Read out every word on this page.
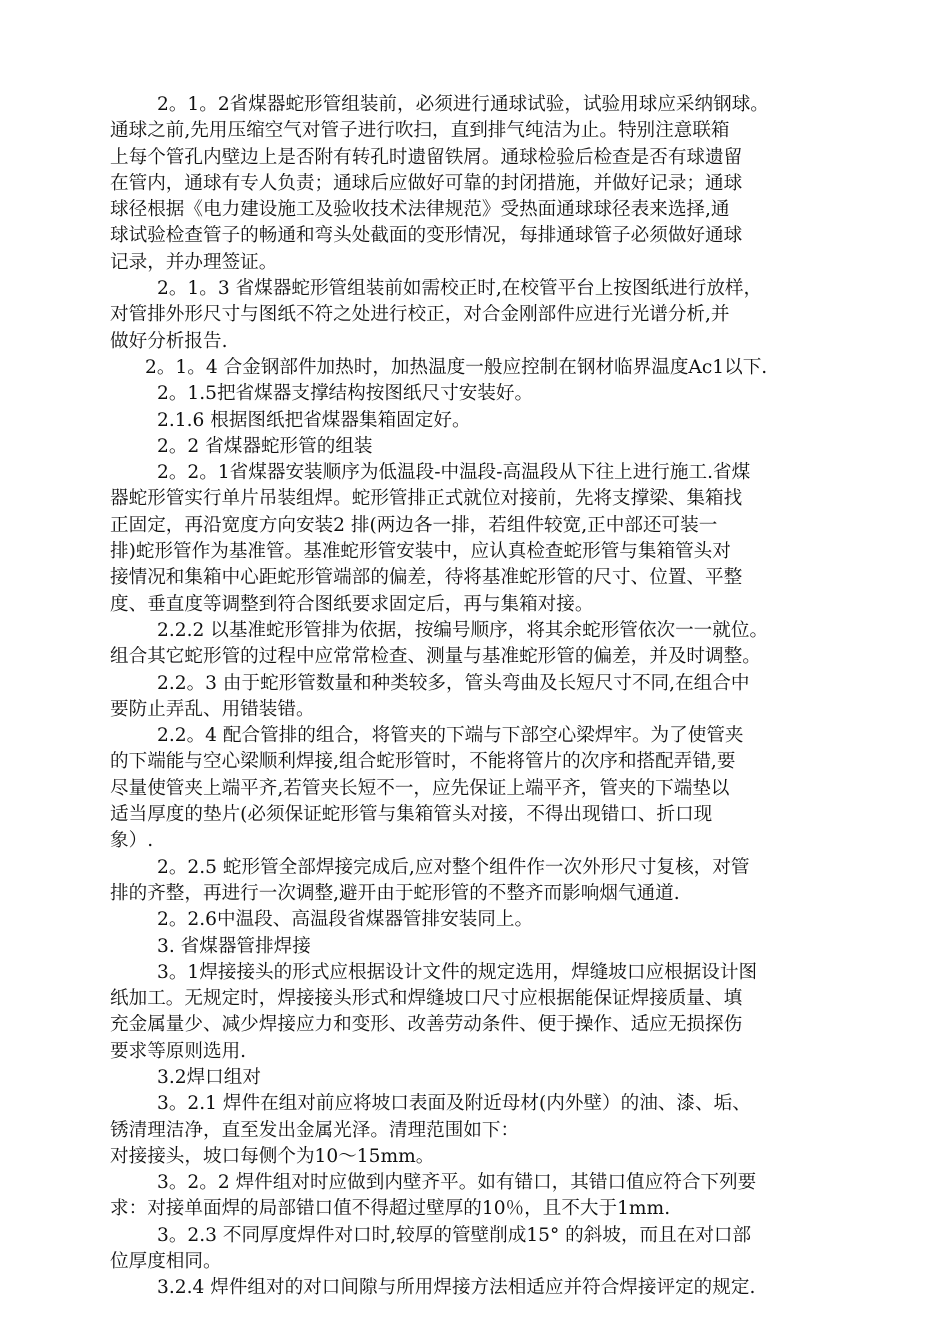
2。1。2省煤器蛇形管组装前，必须进行通球试验，试验用球应采纳钢球。
通球之前,先用压缩空气对管子进行吹扫，直到排气纯洁为止。特别注意联箱
上每个管孔内壁边上是否附有转孔时遗留铁屑。通球检验后检查是否有球遗留
在管内，通球有专人负责；通球后应做好可靠的封闭措施，并做好记录；通球
球径根据《电力建设施工及验收技术法律规范》受热面通球球径表来选择,通
球试验检查管子的畅通和弯头处截面的变形情况，每排通球管子必须做好通球
记录，并办理签证。
2。1。3 省煤器蛇形管组装前如需校正时,在校管平台上按图纸进行放样，
对管排外形尺寸与图纸不符之处进行校正，对合金刚部件应进行光谱分析,并
做好分析报告.
2。1。4 合金钢部件加热时，加热温度一般应控制在钢材临界温度Ac1以下.
2。1.5把省煤器支撑结构按图纸尺寸安装好。
2.1.6 根据图纸把省煤器集箱固定好。
2。2 省煤器蛇形管的组装
2。2。1省煤器安装顺序为低温段-中温段-高温段从下往上进行施工.省煤
器蛇形管实行单片吊装组焊。蛇形管排正式就位对接前，先将支撑梁、集箱找
正固定，再沿宽度方向安装2 排(两边各一排，若组件较宽,正中部还可装一
排)蛇形管作为基准管。基准蛇形管安装中，应认真检查蛇形管与集箱管头对
接情况和集箱中心距蛇形管端部的偏差，待将基准蛇形管的尺寸、位置、平整
度、垂直度等调整到符合图纸要求固定后，再与集箱对接。
2.2.2 以基准蛇形管排为依据，按编号顺序，将其余蛇形管依次一一就位。
组合其它蛇形管的过程中应常常检查、测量与基准蛇形管的偏差，并及时调整。
2.2。3 由于蛇形管数量和种类较多，管头弯曲及长短尺寸不同,在组合中
要防止弄乱、用错装错。
2.2。4 配合管排的组合，将管夹的下端与下部空心梁焊牢。为了使管夹
的下端能与空心梁顺利焊接,组合蛇形管时，不能将管片的次序和搭配弄错,要
尽量使管夹上端平齐,若管夹长短不一，应先保证上端平齐，管夹的下端垫以
适当厚度的垫片(必须保证蛇形管与集箱管头对接，不得出现错口、折口现
象）.
2。2.5 蛇形管全部焊接完成后,应对整个组件作一次外形尺寸复核，对管
排的齐整，再进行一次调整,避开由于蛇形管的不整齐而影响烟气通道.
2。2.6中温段、高温段省煤器管排安装同上。
3. 省煤器管排焊接
3。1焊接接头的形式应根据设计文件的规定选用，焊缝坡口应根据设计图
纸加工。无规定时，焊接接头形式和焊缝坡口尺寸应根据能保证焊接质量、填
充金属量少、减少焊接应力和变形、改善劳动条件、便于操作、适应无损探伤
要求等原则选用.
3.2焊口组对
3。2.1 焊件在组对前应将坡口表面及附近母材(内外壁）的油、漆、垢、
锈清理洁净，直至发出金属光泽。清理范围如下：
对接接头，坡口每侧个为10～15mm。
3。2。2 焊件组对时应做到内壁齐平。如有错口，其错口值应符合下列要
求：对接单面焊的局部错口值不得超过壁厚的10％，且不大于1mm.
3。2.3 不同厚度焊件对口时,较厚的管壁削成15° 的斜坡，而且在对口部
位厚度相同。
3.2.4 焊件组对的对口间隙与所用焊接方法相适应并符合焊接评定的规定.
